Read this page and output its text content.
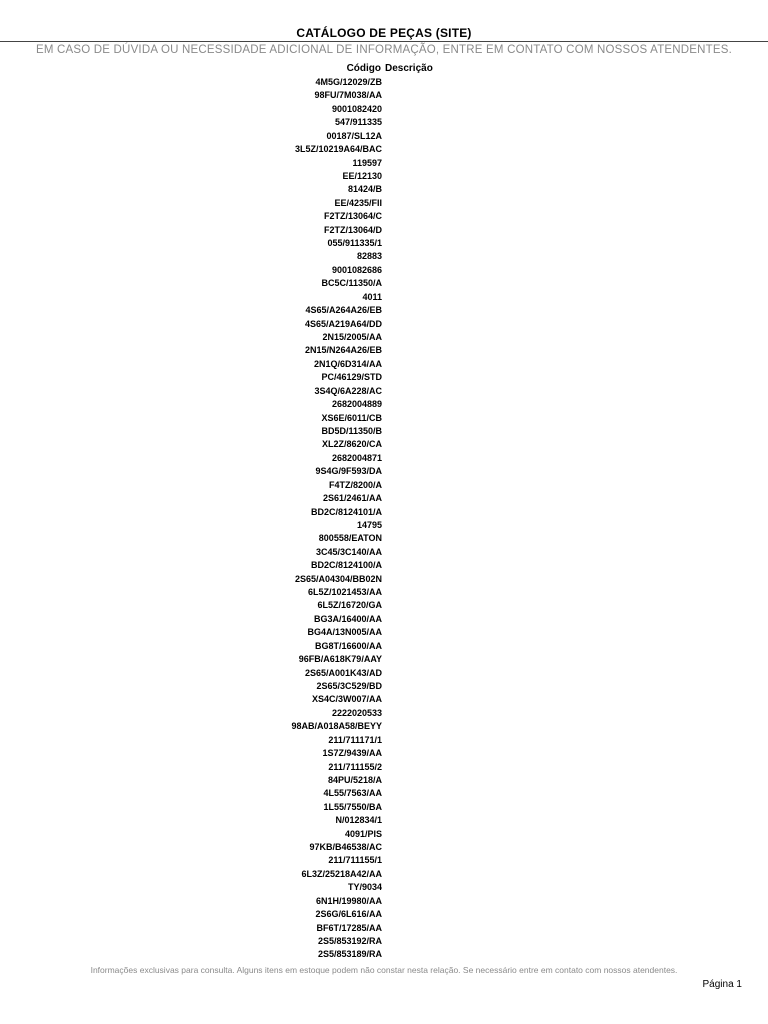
CATÁLOGO DE PEÇAS (SITE)
EM CASO DE DÚVIDA OU NECESSIDADE ADICIONAL DE INFORMAÇÃO, ENTRE EM CONTATO COM NOSSOS ATENDENTES.
Código Descrição
4M5G/12029/ZB
98FU/7M038/AA
9001082420
547/911335
00187/SL12A
3L5Z/10219A64/BAC
119597
EE/12130
81424/B
EE/4235/FII
F2TZ/13064/C
F2TZ/13064/D
055/911335/1
82883
9001082686
BC5C/11350/A
4011
4S65/A264A26/EB
4S65/A219A64/DD
2N15/2005/AA
2N15/N264A26/EB
2N1Q/6D314/AA
PC/46129/STD
3S4Q/6A228/AC
2682004889
XS6E/6011/CB
BD5D/11350/B
XL2Z/8620/CA
2682004871
9S4G/9F593/DA
F4TZ/8200/A
2S61/2461/AA
BD2C/8124101/A
14795
800558/EATON
3C45/3C140/AA
BD2C/8124100/A
2S65/A04304/BB02N
6L5Z/1021453/AA
6L5Z/16720/GA
BG3A/16400/AA
BG4A/13N005/AA
BG8T/16600/AA
96FB/A618K79/AAY
2S65/A001K43/AD
2S65/3C529/BD
XS4C/3W007/AA
2222020533
98AB/A018A58/BEYY
211/711171/1
1S7Z/9439/AA
211/711155/2
84PU/5218/A
4L55/7563/AA
1L55/7550/BA
N/012834/1
4091/PIS
97KB/B46538/AC
211/711155/1
6L3Z/25218A42/AA
TY/9034
6N1H/19980/AA
2S6G/6L616/AA
BF6T/17285/AA
2S5/853192/RA
2S5/853189/RA
Informações exclusivas para consulta. Alguns itens em estoque podem não constar nesta relação. Se necessário entre em contato com nossos atendentes.
Página 1
